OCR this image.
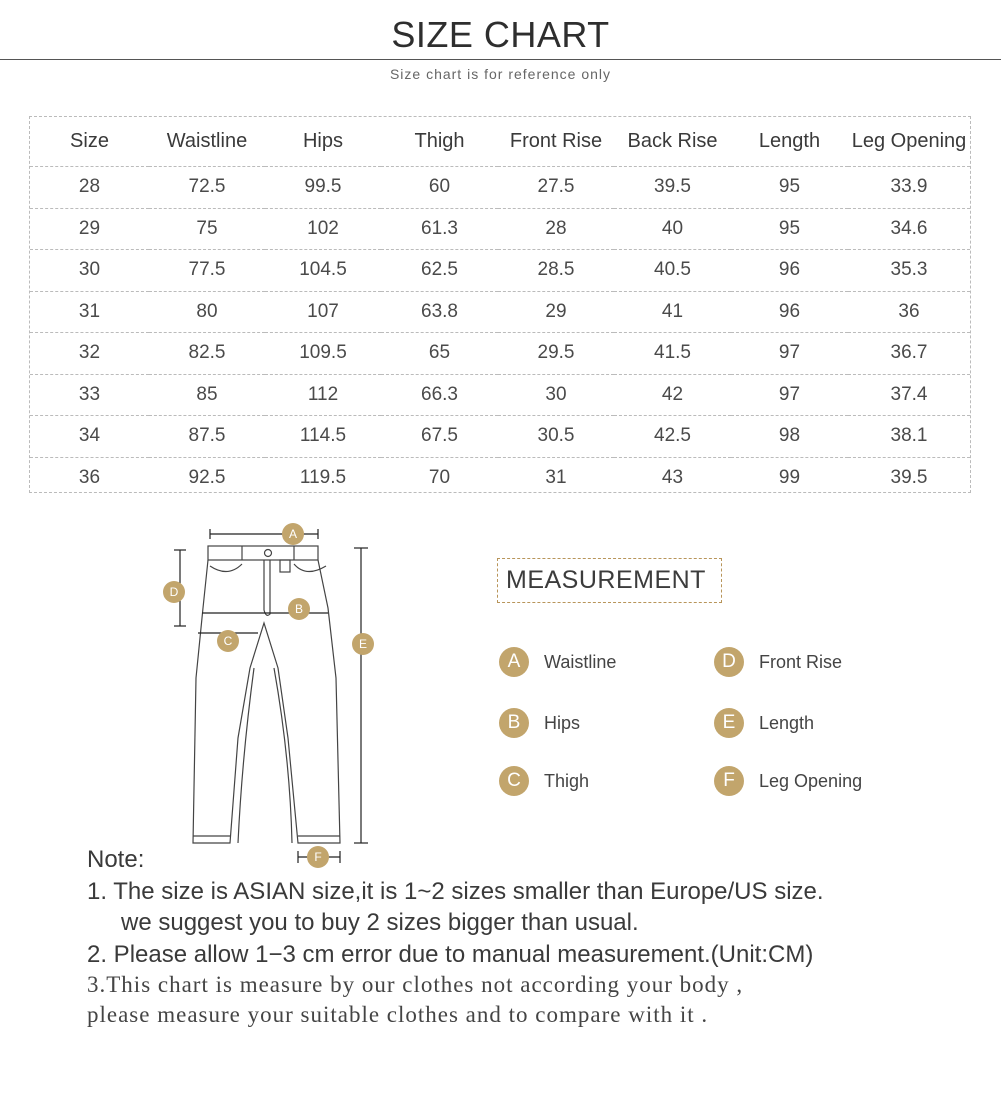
SIZE CHART
Size chart is for reference only
Size	Waistline	Hips	Thigh	Front Rise	Back Rise	Length	Leg Opening
28	72.5	99.5	60	27.5	39.5	95	33.9
29	75	102	61.3	28	40	95	34.6
30	77.5	104.5	62.5	28.5	40.5	96	35.3
31	80	107	63.8	29	41	96	36
32	82.5	109.5	65	29.5	41.5	97	36.7
33	85	112	66.3	30	42	97	37.4
34	87.5	114.5	67.5	30.5	42.5	98	38.1
36	92.5	119.5	70	31	43	99	39.5
A
B
C
D
E
F
MEASUREMENT
A	Waistline
B	Hips
C	Thigh
D	Front Rise
E	Length
F	Leg Opening
Note:
1. The size is ASIAN size,it is 1~2 sizes smaller than Europe/US size.
we suggest you to buy 2 sizes bigger than usual.
2. Please allow 1−3 cm error due to manual measurement.(Unit:CM)
3.This chart is measure by our clothes not according your body ,
please measure your suitable clothes and to compare with it .
